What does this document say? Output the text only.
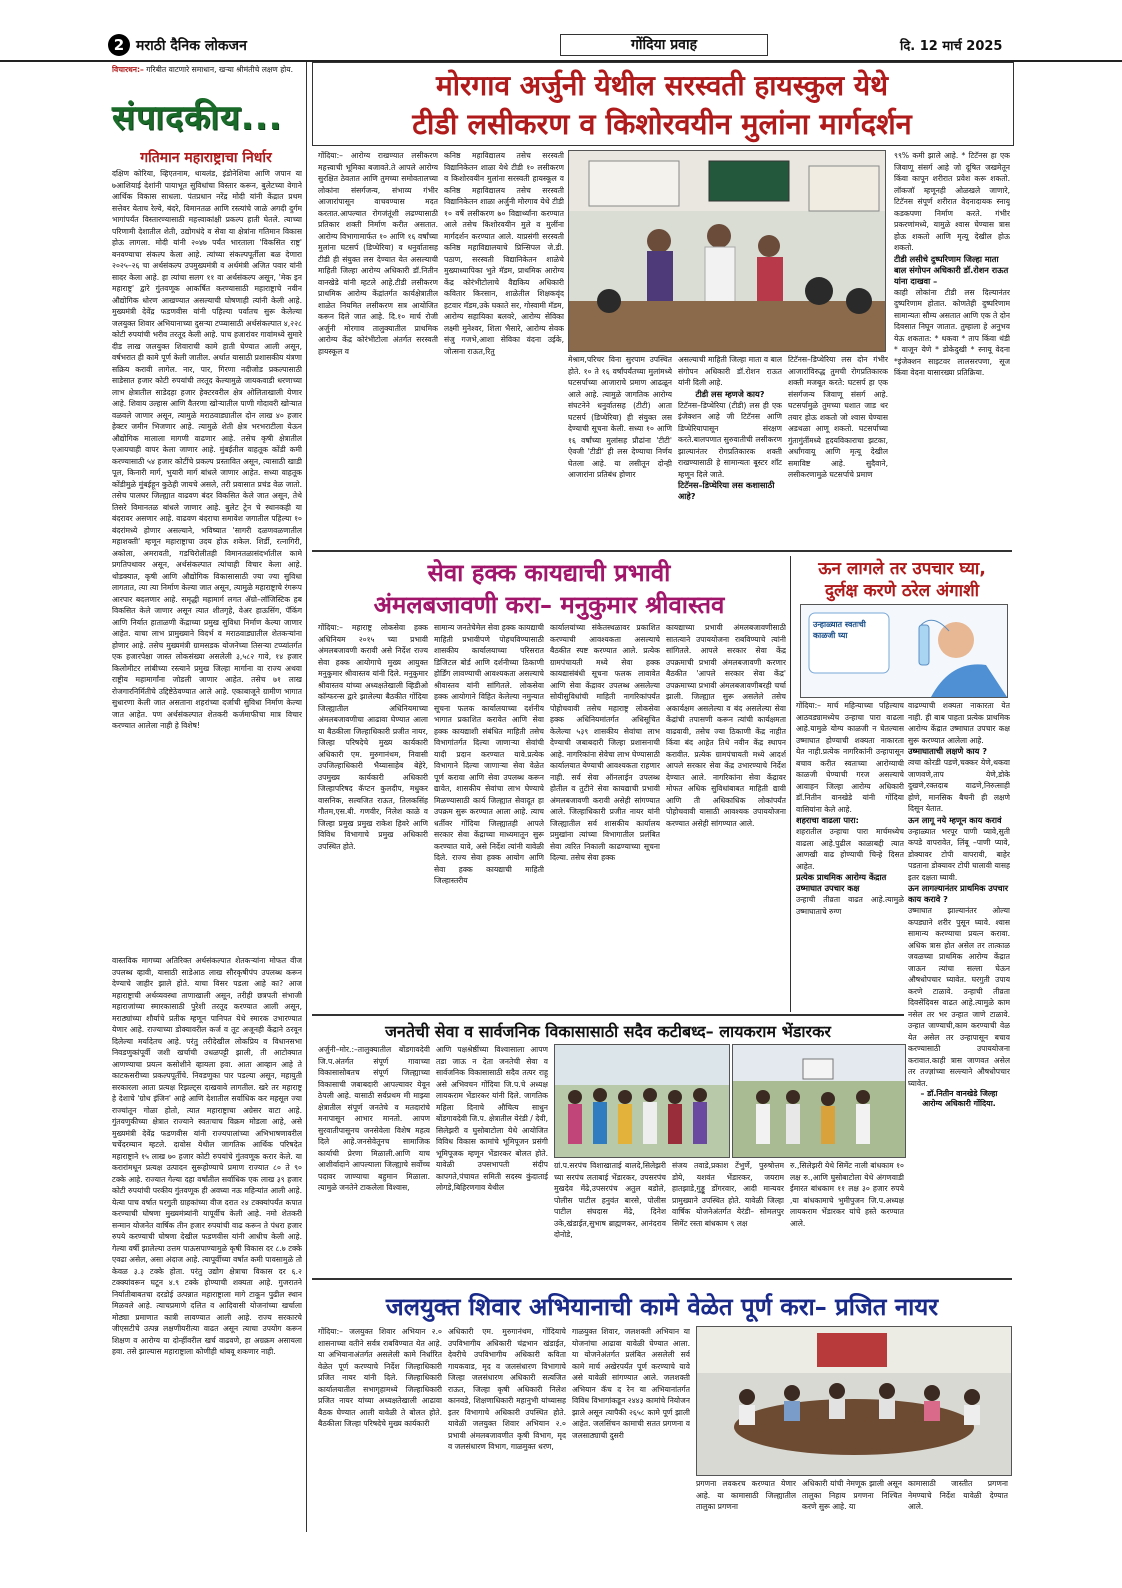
2 मराठी दैनिक लोकजन	गोंदिया प्रवाह	दि. 12 मार्च 2025
विचारधन:– गरिबीत वाटणारे समाधान, खऱ्या श्रीमंतीचे लक्षण होय.
संपादकीय...
गतिमान महाराष्ट्राचा निर्धार
दक्षिण कोरिया, व्हिएतनाम, थायलंड, इंडोनेशिया आणि जपान या ७आशियाई देशांनी पायाभूत सुविधांचा विस्तार करून, बुलेटच्या वेगाने आर्थिक विकास साधला. पंतप्रधान नरेंद्र मोदी यांनी केंद्रात प्रथम सत्तेवर येताच रेल्वे, बंदरे, विमानतळ आणि रस्त्यांचे जाळे अगदी दुर्गम भागांपर्यंत विस्तारण्यासाठी महत्त्वाकांक्षी प्रकल्प हाती घेतले. त्याच्या परिणामी देशातील शेती, उद्योगधंदे व सेवा या क्षेत्रांना गतिमान विकास होऊ लागला. मोदी यांनी २०४७ पर्यंत भारताला 'विकसित राष्ट्र' बनवण्याचा संकल्प केला आहे. त्यांच्या संकल्पपूर्तीला बळ देणारा २०२५–२६ चा अर्थसंकल्प उपमुख्यमंत्री व अर्थमंत्री अजित पवार यांनी सादर केला आहे. हा त्यांचा सलग ११ वा अर्थसंकल्प असून, 'मेक इन महाराष्ट्र' द्वारे गुंतवणूक आकर्षित करण्यासाठी महाराष्ट्राचे नवीन औद्योगिक धोरण आखण्यात असल्याची घोषणाही त्यांनी केली आहे. मुख्यमंत्री देवेंद्र फडणवीस यांनी पहिल्या पर्वातच सुरू केलेल्या जलयुक्त शिवार अभियानाच्या दुसऱ्या टप्प्यासाठी अर्थसंकल्पात ४,२२८ कोटी रुपयांची भरीव तरतूद केली आहे. पाच हजारांवर गावांमध्ये सुमारे दीड लाख जलयुक्त शिवाराची कामे हाती घेण्यात आली असून, वर्षभरात ही कामे पूर्ण केली जातील. अर्थात यासाठी प्रशासकीय यंत्रणा सक्रिय करावी लागेल. नार, पार, गिरणा नदीजोड प्रकल्पासाठी साडेसात हजार कोटी रुपयांची तरतूद केल्यामुळे जायकवाडी धरणाच्या लाभ क्षेत्रातील साडेदहा हजार हेक्टरवरील क्षेत्र ओलिताखाली येणार आहे. शिवाय उल्हास आणि वैतरणा खोऱ्यातील पाणी गोदावरी खोऱ्यात वळवले जाणार असून, त्यामुळे मराठवाड्यातील दोन लाख ४० हजार हेक्टर जमीन भिजणार आहे. त्यामुळे शेती क्षेत्र भरभराटीला येऊन औद्योगिक मालाला मागणी वाढणार आहे. तसेच कृषी क्षेत्रातील एआयचाही वापर केला जाणार आहे. मुंबईतील वाहतूक कोंडी कमी करण्यासाठी ५४ हजार कोटींचे प्रकल्प प्रस्तावित असून, त्यासाठी खाडी पूल, किनारी मार्ग, भुयारी मार्ग बांधले जाणार आहेत. सध्या वाहतूक कोंडीमुळे मुंबईहून कुठेही जायचे असले, तरी प्रवासात प्रचंड वेळ जातो. तसेच पालघर जिल्ह्यात वाढवण बंदर विकसित केले जात असून, तेथे तिसरे विमानतळ बांधले जाणार आहे. बुलेट ट्रेन चे स्थानकही या बंदरावर असणार आहे. वाढवण बंदराचा समावेश जगातील पहिल्या १० बंदरांमध्ये होणार असल्याने, भविष्यात 'सागरी दळणवळणातील महाशक्ती' म्हणून महाराष्ट्राचा उदय होऊ शकेल. शिर्डी, रत्नागिरी, अकोला, अमरावती, गडचिरोलीतही विमानतळासंदर्भातील कामे प्रगतिपथावर असून, अर्थसंकल्पात त्यांचाही विचार केला आहे. थोडक्यात, कृषी आणि औद्योगिक विकासासाठी ज्या ज्या सुविधा लागतात, त्या त्या निर्माण केल्या जात असून, त्यामुळे महाराष्ट्राचे रंगरूप आरपार बदलणार आहे. समृद्धी महामार्ग लगत ॲग्रो–लॉजिस्टिक हब विकसित केले जाणार असून त्यात शीतगृहे, वेअर हाऊसिंग, पॅकिंग आणि निर्यात हाताळणी केंद्राच्या प्रमुख सुविधा निर्माण केल्या जाणार आहेत. याचा लाभ प्रामुख्याने विदर्भ व मराठवाड्यातील शेतकऱ्यांना होणार आहे. तसेच मुख्यमंत्री ग्रामसडक योजनेच्या तिसऱ्या टप्प्यांतर्गत एक हजारपेक्षा जास्त लोकसंख्या असलेली ३,५८२ गावे, १४ हजार किलोमीटर लांबीच्या रस्त्याने प्रमुख जिल्हा मार्गाना वा राज्य अथवा राष्ट्रीय महामार्गांना जोडली जाणार आहेत. तसेच ७१ लाख रोजगारनिर्मितीचे उद्दिष्टेठेवण्यात आले आहे. एकाबाजूने ग्रामीण भागात सुधारणा केली जात असताना शहरांच्या दर्जाची सुविधा निर्माण केल्या जात आहेत. पण अर्थसंकल्पात शेतकरी कर्जमाफीचा मात्र विचार करण्यात आलेला नाही हे विशेष!
वास्तविक मागच्या अतिरिक्त अर्थसंकल्पात शेतकऱ्यांना मोफत वीज उपलब्ध व्हावी, यासाठी साडेआठ लाख सौरकृषीपंप उपलब्ध करून देण्याचे जाहीर झाले होते. याचा विसर पडला आहे का? आज महाराष्ट्राची अर्थव्यवस्था ताणाखाली असून, तरीही छत्रपती संभाजी महाराजांच्या स्मारकासाठी पुरेशी तरतूद करण्यात आली असून, मराठ्यांच्या शौर्याचे प्रतीक म्हणून पानिपत येथे स्मारक उभारण्यात येणार आहे. राज्याच्या डोक्यावरील कर्ज व तूट अजूनही केंद्राने ठरवून दिलेल्या मर्यादेतच आहे. परंतु तरीदेखील लोकप्रिय व विधानसभा निवडणुकांपूर्वी जशी खर्चाची उधळपट्टी झाली, ती आटोक्यात आणण्याचा प्रयत्न कसोशीने व्हायला हवा. आता आव्हान आहे ते काटकसरीच्या प्रकल्पपूर्तीचे. निवडणुका पार पडल्या असून, महायुती सरकारला आता प्रत्यक्ष रिझल्ट्स दाखवावे लागतील. खरे तर महाराष्ट्र हे देशाचे 'ग्रोथ इंजिन' आहे आणि देशातील सर्वाधिक कर महसूल ज्या राज्यांतून गोळा होतो, त्यात महाराष्ट्राचा अग्रेसर वाटा आहे. गुंतवणुकीच्या क्षेत्रात राज्याने स्वतःचाच विक्रम मोडला आहे, असे मुख्यमंत्री देवेंद्र फडणवीस यांनी राज्यपालांच्या अभिभाषणावरील चर्चेदरम्यान म्हटले. दावोस येथील जागतिक आर्थिक परिषदेत महाराष्ट्राने १५ लाख ७० हजार कोटी रुपयांचे गुंतवणूक करार केले. या करारांमधून प्रत्यक्ष उत्पादन सुरूहोण्याचे प्रमाण राज्यात ८० ते ९० टक्के आहे. राज्यात गेल्या दहा वर्षांतील सर्वाधिक एक लाख ३९ हजार कोटी रुपयांची परकीय गुंतवणूक ही अवघ्या नऊ महिन्यांत आली आहे. येत्या पाच वर्षात घरगुती ग्राहकांच्या वीज दरात २४ टक्क्यांपर्यंत कपात करण्याची घोषणा मुख्यमंत्र्यांनी यापूर्वीच केली आहे. नमो शेतकरी सन्मान योजनेत वार्षिक तीन हजार रुपयांची वाढ करून ते पंधरा हजार रुपये करण्याची घोषणा देखील फडणवीस यांनी आधीच केली आहे. गेल्या वर्षी झालेल्या उत्तम पाऊसपाण्यामुळे कृषी विकास दर ८.७ टक्के एवढा असेल, असा अंदाज आहे. त्यापूर्वीच्या वर्षात कमी पावसामुळे तो केवळ ३.३ टक्के होता. परंतु उद्योग क्षेत्राचा विकास दर ६.२ टक्क्यांवरून घटून ४.९ टक्के होण्याची शक्यता आहे. गुजरातने निर्यातीबाबतचा दरडोई उत्पन्नात महाराष्ट्राला मागे टाकून पुढील स्थान मिळवले आहे. त्याचप्रमाणे दलित व आदिवासी योजनांच्या खर्चाला मोठ्या प्रमाणात कात्री लावण्यात आली आहे. राज्य सरकारचे जीएसटीचे उत्पन्न लक्षणीयरीत्या वाढत असून त्याचा उपयोग करून शिक्षण व आरोग्य या दोन्हींवरील खर्च वाढवणे, हा अग्रक्रम असायला हवा. तसे झाल्यास महाराष्ट्राला कोणीही थांबवू शकणार नाही.
मोरगाव अर्जुनी येथील सरस्वती हायस्कुल येथे
टीडी लसीकरण व किशोरवयीन मुलांना मार्गदर्शन
गोंदिया:– आरोग्य राखण्यात लसीकरण महत्त्वाची भूमिका बजावते.ते आपले आरोग्य सुरक्षित ठेवतात आणि तुमच्या समोवतालच्या लोकांना संसर्गजन्य, संभाव्य गंभीर आजारांपासून वाचवण्यास मदत करतात.आपल्यात रोगजंतूंशी लढण्यासाठी प्रतिकार शक्ती निर्माण करीत असतात. आरोग्य विभागामार्फत १० आणि १६ वर्षांच्या मुलांना घटसर्प (डिप्थेरिया) व धनुर्वातासह टीडी ही संयुक्त लस देण्यात येत असल्याची माहिती जिल्हा आरोग्य अधिकारी डॉ.नितीन वानखेडे यांनी म्हटले आहे.टीडी लसीकरण प्राथमिक आरोग्य केंद्रांतर्गत कार्यक्षेत्रातील शाळेत नियमित लसीकरण सत्र आयोजित करून दिले जात आहे. दि.१० मार्च रोजी अर्जुनी मोरगाव तालुक्यातील प्राथमिक आरोग्य केंद्र कोरंभीटोला अंतर्गत सरस्वती हायस्कूल व
कनिष्ठ महाविद्यालय तसेच सरस्वती विद्यानिकेतन शाळा येथे टीडी १० लसीकरण व किशोरवयीन मुलांना सरस्वती हायस्कूल व कनिष्ठ महाविद्यालय तसेच सरस्वती विद्यानिकेतन शाळा अर्जुनी मोरगाव येथे टीडी १० वर्षे लसीकरण ७० विद्यार्थ्यांना करण्यात आले तसेच किशोरवयीन मुले व मुलींना मार्गदर्शन करण्यात आले. याप्रसंगी सरस्वती कनिष्ठ महाविद्यालयाचे प्रिन्सिपल जे.डी. पठाण, सरस्वती विद्यानिकेतन शाळेचे मुख्याध्यापिका भुते मॅडम, प्राथमिक आरोग्य केंद्र कोरंभीटोलाचे वैद्यकिय अधिकारी कवितार किरसान, शाळेतील शिक्षकवृंद हटवार मॅडम,उके घकाते सर, गोस्वामी मॅडम, आरोग्य सहायिका बलवरे, आरोग्य सेविका लक्ष्मी मुनेश्वर, शिला भैसारे, आरोग्य सेवक संजु गजभे,आशा सेविका वंदना उईके, जोत्सना राऊत,रितु
मेश्राम,परिचर विना सुरपाम उपस्थित होते. १० ते १६ वर्षांपर्यंतच्या मुलांमध्ये घटसर्पाच्या आजाराचे प्रमाण आढळून आले आहे. त्यामुळे जागतिक आरोग्य संघटनेने धनुर्वातसह (टीटी) आता घटसर्प (डिप्थेरिया) ही संयुक्त लस देण्याची सूचना केली. सध्या १० आणि १६ वर्षांच्या मुलांसह प्रौढांना 'टीटी' ऐवजी 'टीडी' ही लस देण्याचा निर्णय घेतला आहे. या लसीतून दोन्ही आजारांना प्रतिबंध होणार
असल्याची माहिती जिल्हा माता व बाल संगोपन अधिकारी डॉ.रोशन राऊत यांनी दिली आहे.
टीडी लस म्हणजे काय?
टिटॅनस–डिप्थेरिया (टीडी) लस ही एक इंजेक्शन आहे जी टिटॅनस आणि डिप्थेरियापासून संरक्षण करते.बालपणात सुरुवातीची लसीकरण झाल्यानंतर रोगप्रतिकारक शक्ती राखण्यासाठी हे सामान्यतः बूस्टर शॉट म्हणून दिले जाते.
टिटॅनस–डिप्थेरिया लस कशासाठी आहे?
टिटॅनस–डिप्थेरिया लस दोन गंभीर आजारांविरुद्ध तुमची रोगप्रतिकारक शक्ती मजबूत करते: घटसर्प हा एक संसर्गजन्य जिवाणू संसर्ग आहे. घटसर्पामुळे तुमच्या घशात जाड थर तयार होऊ शकतो जो श्वास घेण्यास अडथळा आणू शकतो. घटसर्पाच्या गुंतागुंतींमध्ये हृदयविकाराचा झटका, अर्धांगवायू आणि मृत्यू देखील समाविष्ट आहे. सुदैवाने, लसीकरणामुळे घटसर्पाचे प्रमाण
९९% कमी झाले आहे. * टिटॅनस हा एक जिवाणू संसर्ग आहे जो दूषित जखमेतून किंवा कापून शरीरात प्रवेश करू शकतो. लॉकजॉ म्हणूनही ओळखले जाणारे, टिटॅनस संपूर्ण शरीरात वेदनादायक स्नायू कडकपणा निर्माण करते. गंभीर प्रकरणांमध्ये, यामुळे श्वास घेण्यास त्रास होऊ शकतो आणि मृत्यू देखील होऊ शकतो.
टीडी लसीचे दुष्परिणाम जिल्हा माता बाल संगोपन अधिकारी डॉ.रोशन राऊत यांना दाखवा –
काही लोकांना टीडी लस दिल्यानंतर दुष्परिणाम होतात. कोणतेही दुष्परिणाम सामान्यतः सौम्य असतात आणि एक ते दोन दिवसात निघून जातात. तुम्हाला हे अनुभव येऊ शकतात: * थकवा * ताप किंवा थंडी * वाजून येणे * डोकेदुखी * स्नायू वेदना *इंजेक्शन साइटवर लालसरपणा, सूज किंवा वेदना यासारख्या प्रतिक्रिया.
सेवा हक्क कायद्याची प्रभावी
अंमलबजावणी करा– मनुकुमार श्रीवास्तव
गोंदिया:– महाराष्ट्र लोकसेवा हक्क अधिनियम २०१५ च्या प्रभावी अंमलबजावणी करावी असे निर्देश राज्य सेवा हक्क आयोगाचे मुख्य आयुक्त मनुकुमार श्रीवास्तव यांनी दिले. मनुकुमार श्रीवास्तव यांच्या अध्यक्षतेखाली व्हिडीओ कॉन्फरन्स द्वारे झालेल्या बैठकीत गोंदिया जिल्ह्यातील अधिनियमाच्या अंमलबजावणीचा आढावा घेण्यात आला या बैठकीला जिल्हाधिकारी प्रजीत नायर, जिल्हा परिषदेचे मुख्य कार्यकारी अधिकारी एम. मुरुगानंथम, निवासी उपजिल्हाधिकारी भैय्यासाहेब बेहेरे, उपमुख्य कार्यकारी अधिकारी जिल्हापरिषद कॅप्टन कुलदीप, मधुकर वासनिक, सल्वजित राऊत, तिलकसिंह गौतम,एस.बी. गणवीर, निलेश काळे व जिल्हा प्रमुख प्रमुख राकेश हिवरे आणि विविध विभागाचे प्रमुख अधिकारी उपस्थित होते.
सामान्य जनतेचेमेल सेवा हक्क कायद्याची माहिती प्रभावीपणे पोहचविण्यासाठी शासकीय कार्यालयाच्या परिसरात डिजिटल बोर्ड आणि दर्शनीच्या ठिकाणी होर्डिंग लावण्याची आवश्यकता असल्याचे श्रीवास्तव यांनी सांगितले. लोकसेवा हक्क आयोगाने विहित केलेल्या नमुन्यात सूचना फलक कार्यालयाच्या दर्शनीय भागात प्रकाशित करावेत आणि सेवा हक्क कायद्याशी संबंधित माहिती तसेच विभागांतर्गत दिल्या जाणाऱ्या सेवांची यादी प्रदान करण्यात यावे.प्रत्येक विभागाने दिल्या जाणाऱ्या सेवा वेळेत पूर्ण करावा आणि सेवा उपलब्ध करून द्यावेत, शासकीय सेवांचा लाभ घेण्याचे मिळण्यासाठी कार्य जिल्ह्यात सेवादूत हा उपक्रम सुरू करण्यात आला आहे. त्याच धर्तीवर गोंदिया जिल्ह्यातही आपले सरकार सेवा केंद्राच्या माध्यमातून सुरू करण्यात यावे, असे निर्देश त्यांनी यावेळी दिले. राज्य सेवा हक्क आयोग आणि सेवा हक्क कायद्याची माहिती जिल्हास्तरीय
कार्यालयांच्या संकेतस्थळावर प्रकाशित करण्याची आवश्यकता असल्याचे बैठकीत स्पष्ट करण्यात आले. प्रत्येक ग्रामपंचायती मध्ये सेवा हक्क कायद्यासंबंधी सूचना फलक लावावेत आणि सेवा केंद्रावर उपलब्ध असलेल्या सोयीसुविधांची माहिती नागरिकांपर्यंत पोहोचवावी तसेच महाराष्ट्र लोकसेवा हक्क अधिनियमांतर्गत अधिसूचित केलेल्या ५३९ शासकीय सेवांचा लाभ देण्याची जबाबदारी जिल्हा प्रशासनाची आहे. नागरिकांना सेवेचा लाभ घेण्यासाठी कार्यालयात येण्याची आवश्यकता राहणार नाही. सर्व सेवा ऑनलाईन उपलब्ध होतील व तुटीने सेवा कायद्याची प्रभावी अंमलबजावणी करावी असेही सांगण्यात आले. जिल्हाधिकारी प्रजीत नायर यांनी जिल्ह्यातील सर्व शासकीय कार्यालय प्रमुखांना त्यांच्या विभागातील प्रलंबित सेवा त्वरित निकाली काढण्याच्या सूचना दिल्या. तसेच सेवा हक्क
कायद्याच्या प्रभावी अंमलबजावणीसाठी सातत्याने उपाययोजना राबविण्याचे त्यांनी सांगितले. आपले सरकार सेवा केंद्र उपक्रमाची प्रभावी अंमलबजावणी करणार बैठकीत 'आपले सरकार सेवा केंद्र' उपक्रमाच्या प्रभावी अंमलबजावणीबरही चर्चा झाली. जिल्ह्यात सुरू असलेले तसेच अकार्यक्षम असलेल्या व बंद असलेल्या सेवा केंद्रांची तपासणी करून त्यांची कार्यक्षमता वाढवावी, तसेच ज्या ठिकाणी केंद्र नाहीत किंवा बंद आहेत तिथे नवीन केंद्र स्थापन करावीत. प्रत्येक ग्रामपंचायती मध्ये आदर्श आपले सरकार सेवा केंद्र उभारण्याचे निर्देश देण्यात आले. नागरिकांना सेवा केंद्रावर मोफत अधिक सुविधांबाबत माहिती द्यावी आणि ती अधिकाधिक लोकांपर्यंत पोहोचवावी यासाठी आवश्यक उपाययोजना करण्यात असेही सांगण्यात आले.
ऊन लागले तर उपचार घ्या,
दुर्लक्ष करणे ठरेल अंगाशी
उन्हाळ्यात स्वतःची काळजी घ्या
गोंदिया:– मार्च महिन्याच्या पहिल्याच आठवड्यामध्येच उन्हाचा पारा वाढला आहे.यामुळे योग्य काळजी न घेतल्यास उष्माघात होण्याची शक्यता नाकारता येत नाही.प्रत्येक नागरिकांनी उन्हापासून बचाव करीत स्वतःच्या आरोग्याची काळजी घेण्याची गरज असल्याचे आवाहन जिल्हा आरोग्य अधिकारी डॉ.नितीन वानखेडे यांनी गोंदिया वासियांना केले आहे.
शहराचा वाढला पारा:
शहरातील उन्हाचा पारा मार्चमध्येच वाढला आहे.पुढील काळाबद्दी त्यात आणखी वाढ होण्याची चिन्हे दिसत आहेत.
प्रत्येक प्राथमिक आरोग्य केंद्रात उष्माघात उपचार कक्ष
उन्हाची तीव्रता वाढत आहे.त्यामुळे उष्माघाताचे रुग्ण
वाढण्याची शक्यता नाकारता येत नाही. ही बाब पाहता प्रत्येक प्राथमिक आरोग्य केंद्रात उष्माघात उपचार कक्ष सुरू करण्यात आलेला आहे.
उष्माघाताची लक्षणे काय ?
त्वचा कोरडी पडणे,चक्कर येणे,थकवा जाणवणे,ताप येणे,डोके दुखणे,रक्तदाब वाढणे,निरुत्साही होणे, मानसिक बैचनी ही लक्षणे दिसून येतात.
ऊन लागू नये म्हणून काय करावं
उन्हाळ्यात भरपूर पाणी प्यावे,सुती कपडे वापरावेत, लिंबू –पाणी प्यावे, डोक्यावर टोपी वापरावी, बाहेर पडताना डोक्यावर टोपी घालावी यासह इतर दक्षता घ्यावी.
ऊन लागल्यानंतर प्राथमिक उपचार काय करावे ?
उष्माघात झाल्यानंतर ओल्या कपड्याने शरीर पुसून घ्यावे. श्वास सामान्य करण्याचा प्रयत्न करावा. अधिक त्रास होत असेल तर तात्काळ जवळच्या प्राथमिक आरोग्य केंद्रात जाऊन त्यांचा सल्ला घेऊन औषधोपचार घ्यावेत. घरगुती उपाय करणे टाळावे. उन्हाची तीव्रता दिवसेंदिवस वाढत आहे.त्यामुळे काम नसेल तर भर उन्हात जाणे टाळावे. उन्हात जाण्याची,काम करण्याची वेळ येत असेल तर उन्हापासून बचाव करण्यासाठी उपाययोजना करावात.काही त्रास जाणवत असेल तर तज्ज्ञांच्या सल्ल्याने औषधोपचार घ्यावेत.
– डॉ.नितीन वानखेडे जिल्हा
आरोग्य अधिकारी गोंदिया.
जनतेची सेवा व सार्वजनिक विकासासाठी सदैव कटीबध्द– लायकराम भेंडारकर
अर्जुनी–मोर.:–तालुक्यातील बोंडगावदेवी जि.प.अंतर्गत संपूर्ण गावाच्या विकासासोबतच संपूर्ण जिल्ह्याच्या विकासाची जबाबदारी आपल्यावर येवून ठेपली आहे. यासाठी सर्वप्रथम मी माझ्या क्षेत्रातील संपूर्ण जनतेचे व मतदारांचे मनापासून आभार मानतो. आपण सुरवातीपासूनच जनसेवेला विशेष महत्व दिले आहे.जनसेवेतूनच सामाजिक कार्याची प्रेरणा मिळाली.आणि याच आशीर्वादाने आपल्याला जिल्ह्याचे सर्वोच्च पदावर जाण्याचा बहुमान मिळाला. त्यामुळे जनतेने टाकलेला विश्वास,
आणि पक्षश्रेष्ठींच्या विश्वासाला आपण तडा जाऊ न देता जनतेची सेवा व सार्वजनिक विकासासाठी सदैव तत्पर राहू असे अभिवचन गोंदिया जि.प.चे अध्यक्ष लायकराम भेंडारकर यांनी दिले. जागतिक महिला दिनाचे औचित्य साधुन बोंडगावदेवी जि.प. क्षेत्रातील येरंडी / देवी, सिलेझरी व घुसोबाटोला येथे आयोजित विविध विकास कामांचे भूमिपूजन प्रसंगी भूमिपूजक म्हणून भेंडारकर बोलत होते. यावेळी उपसभापती संदीप कापगते,पंचायत समिती सदस्य कुंदाताई लोगडे,बिहिरणगाव येथील
ग्रां.प.सरपंच विशाखाताई बालदे,सिलेझरी च्या सरपंच लताबाई भेंडारकर, उपसरपंच मुखदेव मेंढे,उपसरपंच अतुल बडोले, पोलीस पाटील हनुवंत बारसे, पोलीस पाटील संघदास मेंढे, दिनेश उके,खंडाईत,सुभाष ब्राह्मणकर, आनंदराव दोनोडे,
संजय तवाडे,प्रकाश टेंभुर्णे, पुरुषोत्तम डोये, यशवंत भेंडारकर, जयराम हातझाडे,गुड्डू डोंगरवार, आदी मान्यवर प्रामुख्याने उपस्थित होते. यावेळी जिल्हा वार्षिक योजनेअंतर्गत येरंडी– सोमलपुर सिमेंट रस्ता बांधकाम ९ लक्ष
रु.,सिलेझरी येथे सिमेंट नाली बांधकाम १० लक्ष रु.,आणि घुसोबाटोला येथे अंगणवाडी ईमारत बांधकाम ११ लक्ष ३० हजार रुपये ,या बांधकामाचे भुमीपुजन जि.प.अध्यक्ष लायकराम भेंडारकर यांचे हस्ते करण्यात आले.
जलयुक्त शिवार अभियानाची कामे वेळेत पूर्ण करा– प्रजित नायर
गोंदिया:– जलयुक्त शिवार अभियान २.० शासनाच्या वतीने सर्वत्र राबविण्यात येत आहे. या अभियानाअंतर्गत असलेली कामे निर्धारित वेळेत पूर्ण करण्याचे निर्देश जिल्हाधिकारी प्रजित नायर यांनी दिले. जिल्हाधिकारी कार्यालयातील सभागृहामध्ये जिल्हाधिकारी प्रजित नायर यांच्या अध्यक्षतेखाली आढावा बैठक घेण्यात आली यावेळी ते बोलत होते. बैठकीला जिल्हा परिषदेचे मुख्य कार्यकारी
अधिकारी एम. मुरुगानंथम, गोंदियाचे उपविभागीय अधिकारी चंद्रभान खंडाईत, देवरीचे उपविभागीय अधिकारी कविता गायकवाड, मृद व जलसंधारण विभागाचे जिल्हा जलसंधारण अधिकारी सत्यजित राऊत, जिल्हा कृषी अधिकारी निलेश कानवडे, शिक्षणाधिकारी महानुभी यांच्यासह इतर विभागाचे अधिकारी उपस्थित होते. यावेळी जलयुक्त शिवार अभियान २.० प्रभावी अंमलबजावणीत कृषी विभाग, मृद व जलसंधारण विभाग, गाळमुक्त धरण,
गाळयुक्त शिवार, जलशक्ती अभियान या योजनांचा आढावा यावेळी घेण्यात आला. या योजनेअंतर्गत प्रलंबित असलेली सर्व कामे मार्च अखेरपर्यंत पूर्ण करण्याचे यावे असे यावेळी सांगण्यात आले. जलशक्ती अभियान कॅच द रेन या अभियानांतर्गत विविध विभागांकडून २४४३ कामांचे नियोजन झाले असून त्यापैकी २६५८ कामे पूर्ण झाली आहेत. जलसिंचन कामाची सतत प्रगणना व जलसाठ्याची दुसरी
प्रगणना लवकरच करण्यात येणार आहे. या कामासाठी जिल्ह्यातील तालुका प्रगणना
अधिकारी यांची नेमणूक झाली असून तालुका निहाय प्रगणना निश्चित करणे सुरू आहे. या
कामासाठी जास्तीत प्रगणना नेमण्याचे निर्देश यावेळी देण्यात आले.
